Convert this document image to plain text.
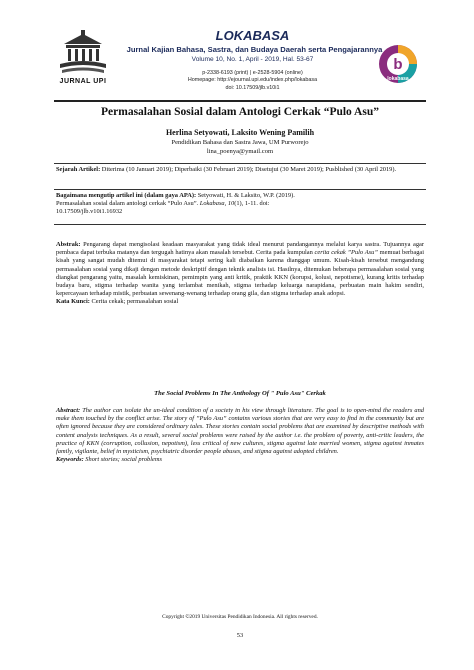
JURNAL UPI
LOKABASA
Jurnal Kajian Bahasa, Sastra, dan Budaya Daerah serta Pengajarannya
Volume 10, No. 1, April - 2019, Hal. 53-67
p-2338-6193 (print) | e-2528-5904 (online)
Homepage: http://ejournal.upi.edu/index.php/lokabasa
doi: 10.17509/jlb.v10i1
b
lokabasa
Permasalahan Sosial dalam Antologi Cerkak “Pulo Asu”
Herlina Setyowati, Laksito Wening Pamilih
Pendidikan Bahasa dan Sastra Jawa, UM Purworejo
lina_poenya@ymail.com
Sejarah Artikel: Diterima (10 Januari 2019); Diperbaiki (30 Februari 2019); Disetujui (30 Maret 2019); Pusblished (30 April 2019).
Bagaimana mengutip artikel ini (dalam gaya APA): Setyowati, H. & Laksito, W.P. (2019).
Permasalahan sosial dalam antologi cerkak “Pulo Asu”. Lokabasa, 10(1), 1-11. doi:
10.17509/jlb.v10i1.16932
Abstrak: Pengarang dapat mengisolasi keadaan masyarakat yang tidak ideal menurut pandangannya melalui karya sastra. Tujuannya agar pembaca dapat terbuka matanya dan tergugah hatinya akan masalah tersebut. Cerita pada kumpulan cerita cekak ”Pulo Asu” memuat berbagai kisah yang sangat mudah ditemui di masyarakat tetapi sering kali diabaikan karena dianggap umum. Kisah-kisah tersebut mengandung permasalahan sosial yang dikaji dengan metode deskriptif dengan teknik analisis isi. Hasilnya, ditemukan beberapa permasalahan sosial yang diangkat pengarang yaitu, masalah kemiskinan, pemimpin yang anti kritik, praktik KKN (korupsi, kolusi, nepotisme), kurang kritis terhadap budaya baru, stigma terhadap wanita yang terlambat menikah, stigma terhadap keluarga narapidana, perbuatan main hakim sendiri, kepercayaan terhadap mistik, perbuatan sewenang-wenang terhadap orang gila, dan stigma terhadap anak adopsi.
Kata Kunci: Cerita cekak; permasalahan sosial
The Social Problems In The Anthology Of " Pulo Asu" Cerkak
Abstract: The author can isolate the un-ideal condition of a society in his view through literature. The goal is to open-mind the readers and make them touched by the conflict arise. The story of ”Pulo Asu” contains various stories that are very easy to find in the community but are often ignored because they are considered ordinary tales. These stories contain social problems that are examined by descriptive methods with content analysis techniques. As a result, several social problems were raised by the author i.e. the problem of poverty, anti-critic leaders, the practice of KKN (corruption, collusion, nepotism), less critical of new cultures, stigma against late married women, stigma against inmates family, vigilante, belief in mysticism, psychiatric disorder people abuses, and stigma against adopted children.
Keywords: Short stories; social problems
Copyright ©2019 Universitas Pendidikan Indonesia. All rights reserved.
53
